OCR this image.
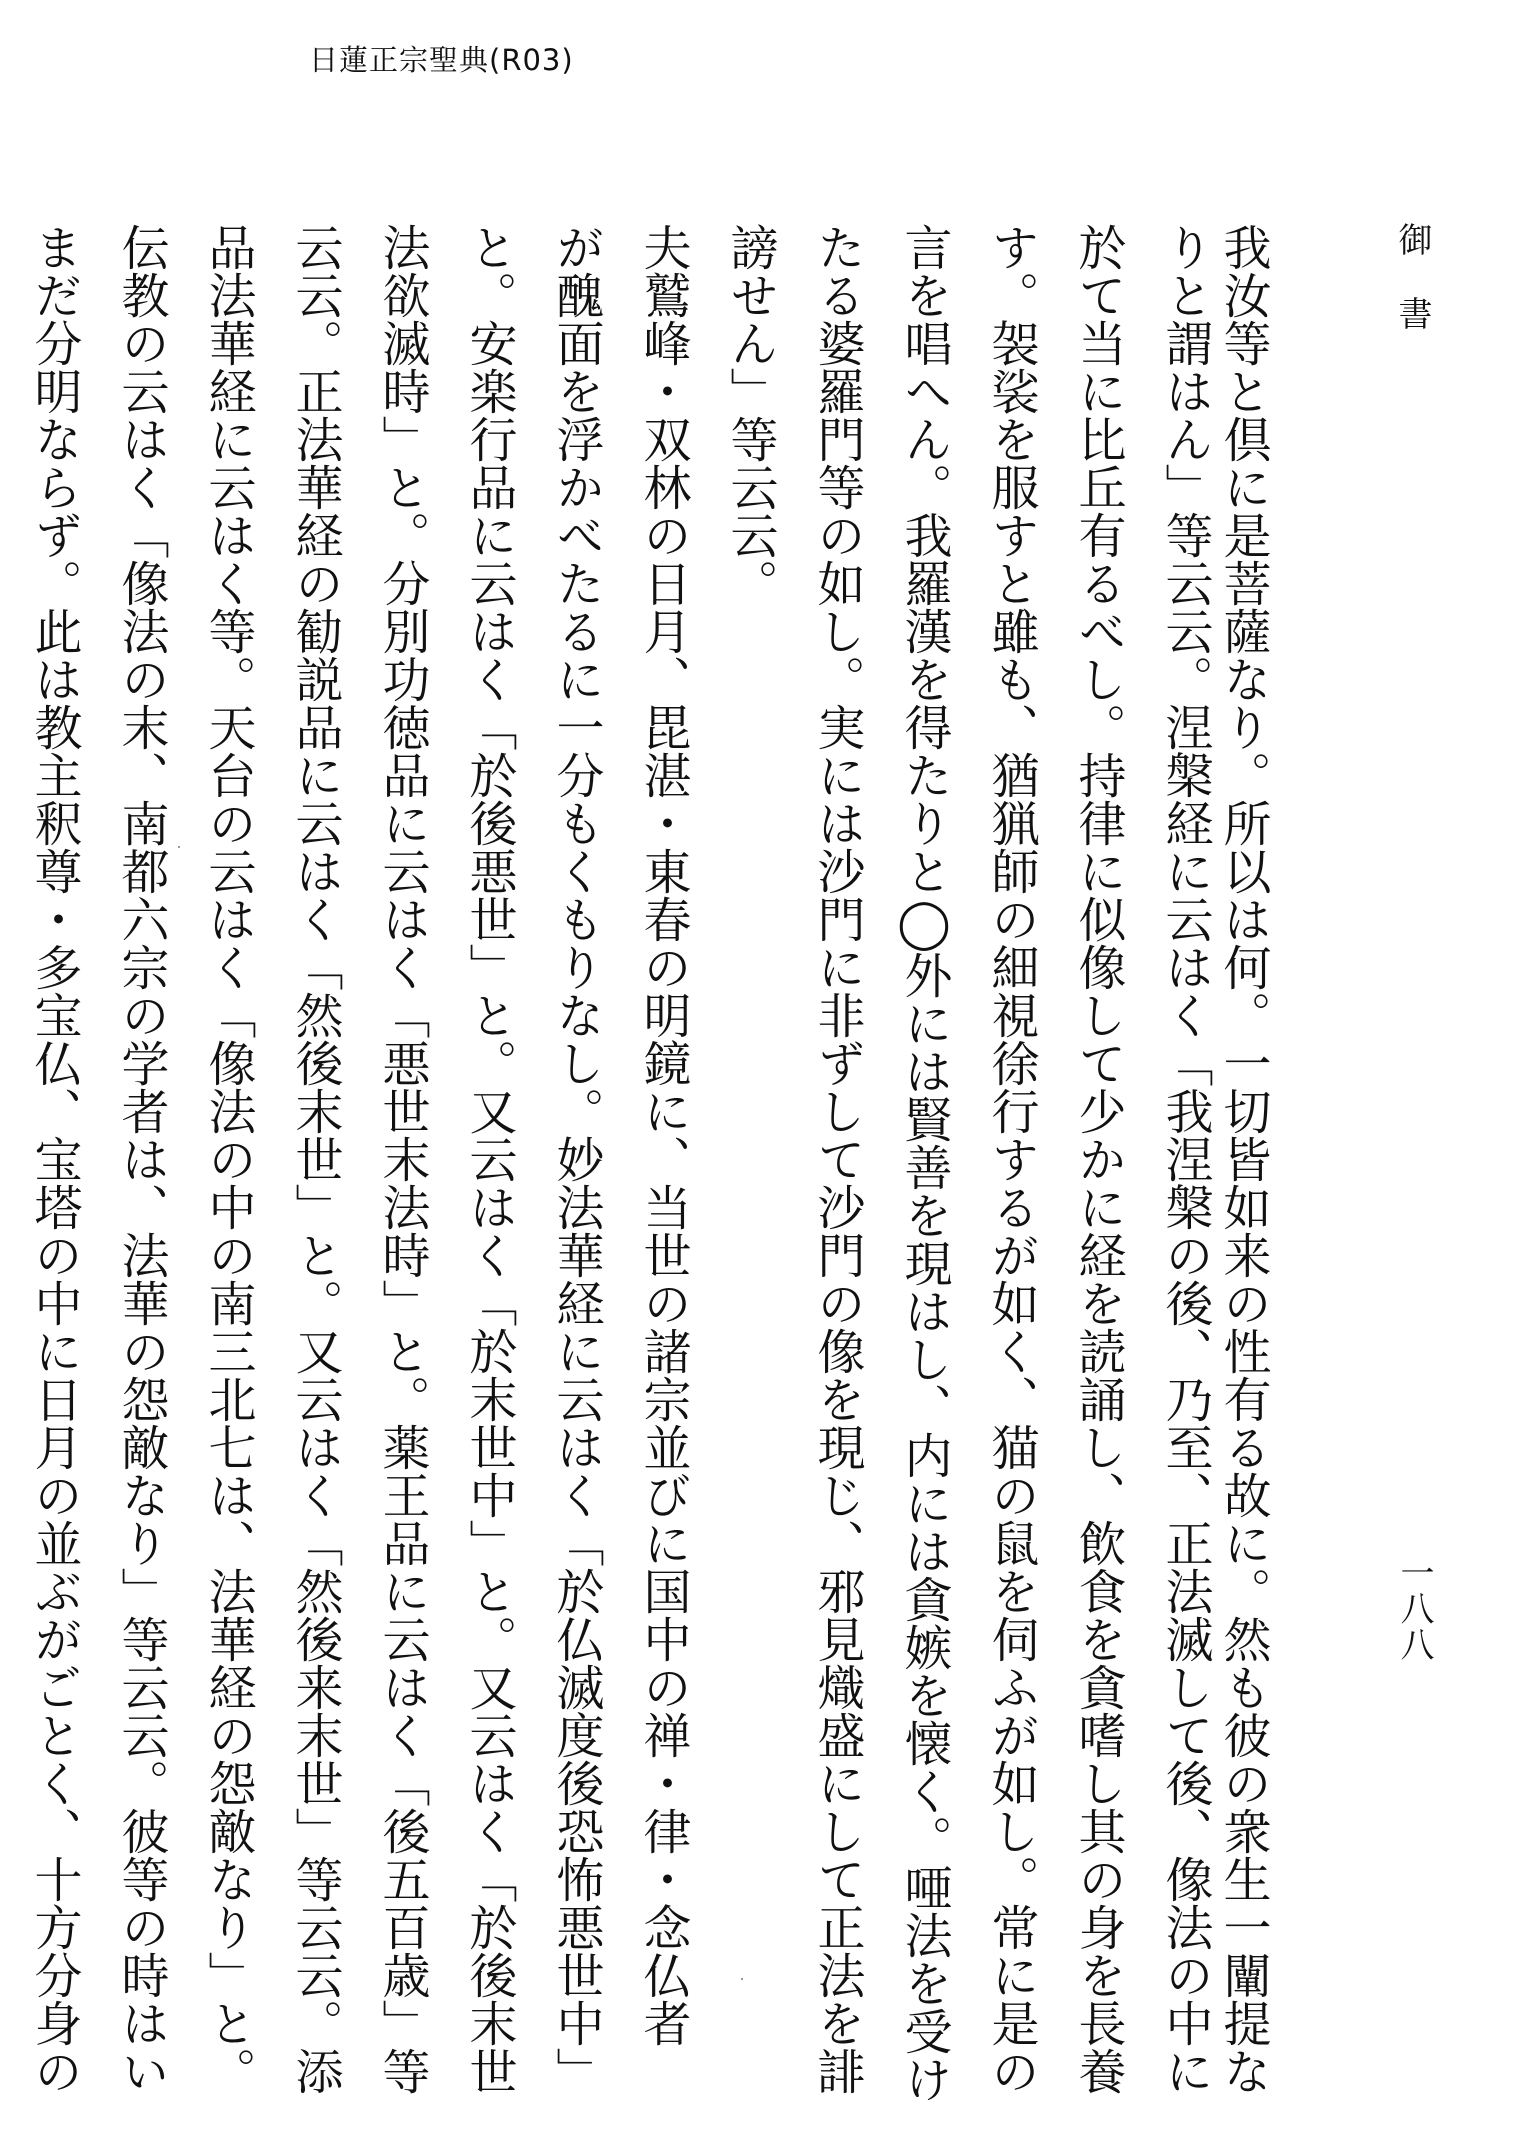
日蓮正宗聖典(R03)
御書
一八八
我汝等と倶に是菩薩なり。所以は何。一切皆如来の性有る故に。然も彼の衆生一闡提な
りと謂はん」等云云。涅槃経に云はく「我涅槃の後、乃至、正法滅して後、像法の中に
於て当に比丘有るべし。持律に似像して少かに経を読誦し、飲食を貪嗜し其の身を長養
す。袈裟を服すと雖も、猶猟師の細視徐行するが如く、猫の鼠を伺ふが如し。常に是の
言を唱へん。我羅漢を得たりと◯外には賢善を現はし、内には貪嫉を懐く。唖法を受け
たる婆羅門等の如し。実には沙門に非ずして沙門の像を現じ、邪見熾盛にして正法を誹
謗せん」等云云。
夫鷲峰・双林の日月、毘湛・東春の明鏡に、当世の諸宗並びに国中の禅・律・念仏者
が醜面を浮かべたるに一分もくもりなし。妙法華経に云はく「於仏滅度後恐怖悪世中」
と。安楽行品に云はく「於後悪世」と。又云はく「於末世中」と。又云はく「於後末世
法欲滅時」と。分別功徳品に云はく「悪世末法時」と。薬王品に云はく「後五百歳」等
云云。正法華経の勧説品に云はく「然後末世」と。又云はく「然後来末世」等云云。添
品法華経に云はく等。天台の云はく「像法の中の南三北七は、法華経の怨敵なり」と。
伝教の云はく「像法の末、南都六宗の学者は、法華の怨敵なり」等云云。彼等の時はい
まだ分明ならず。此は教主釈尊・多宝仏、宝塔の中に日月の並ぶがごとく、十方分身の
